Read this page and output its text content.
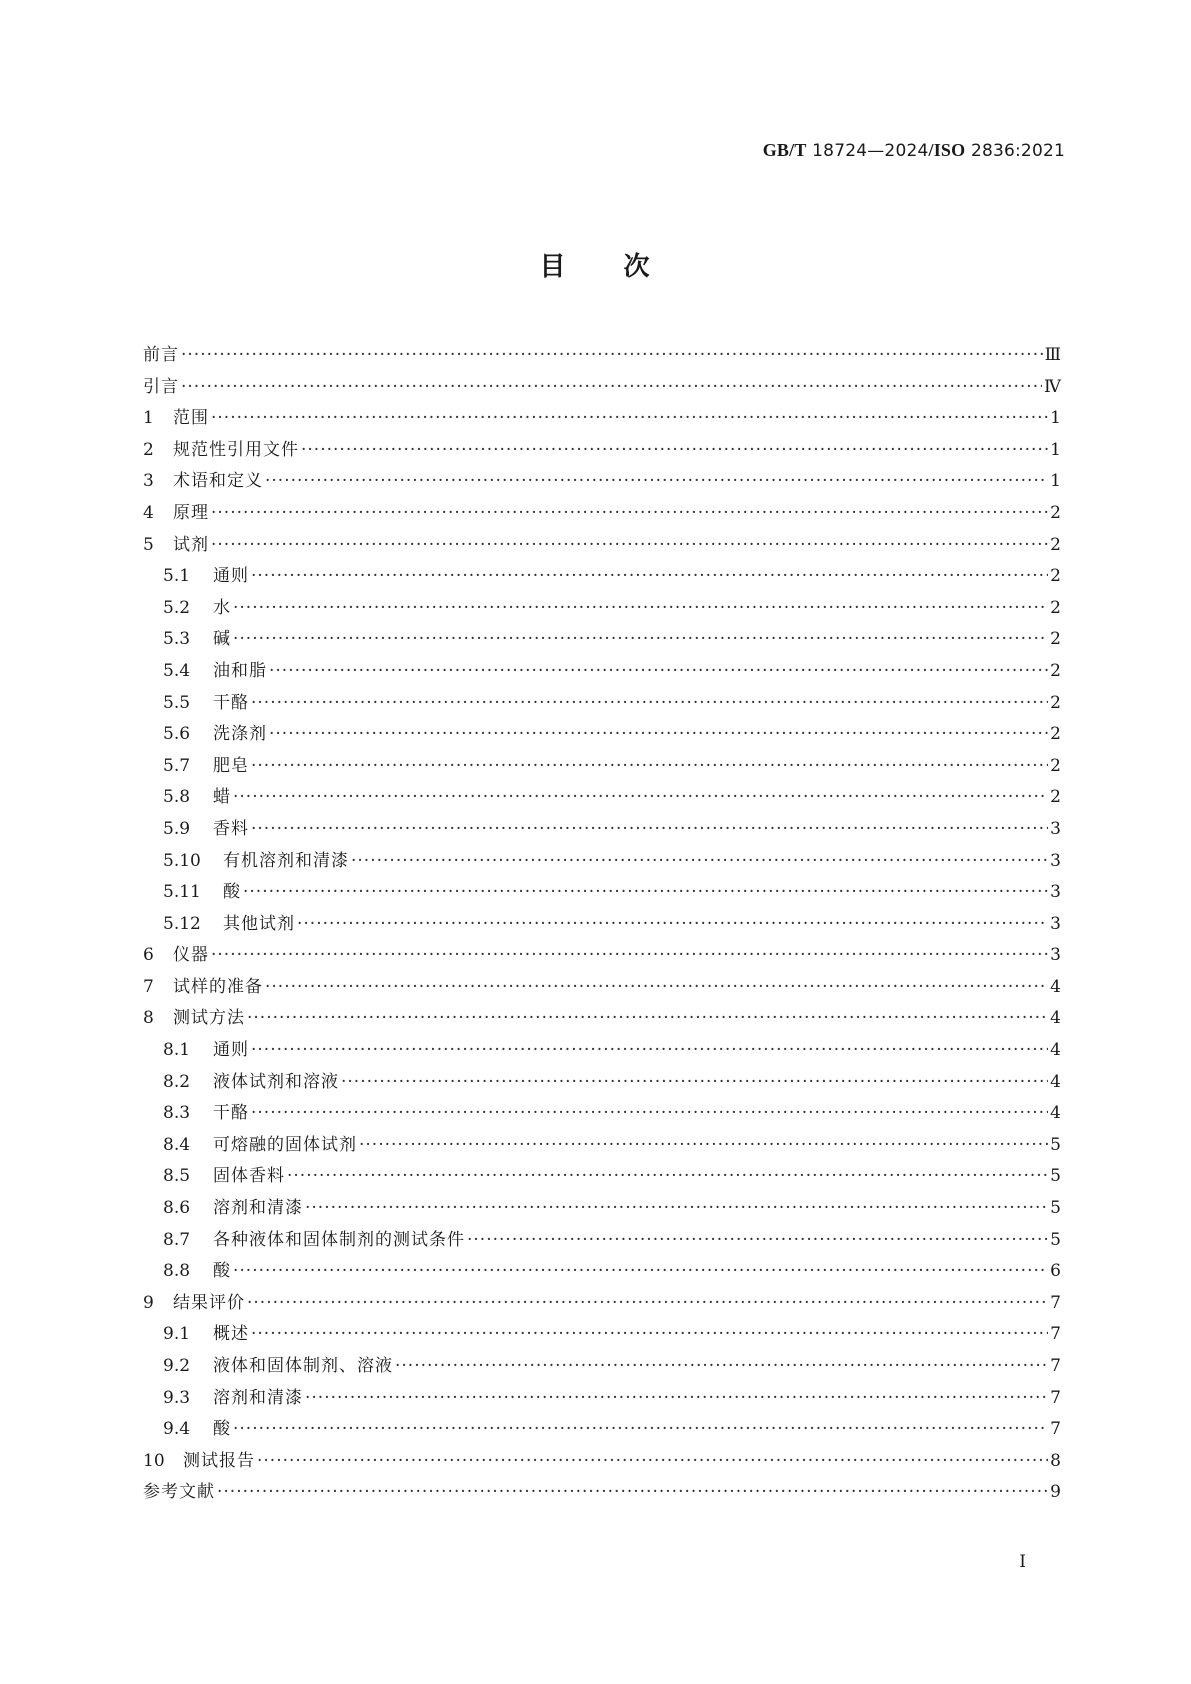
GB/T 18724—2024/ISO 2836:2021
目 次
前言 ·····	Ⅲ
引言 ·····	Ⅳ
1	范围 ·····	1
2	规范性引用文件 ·····	1
3	术语和定义 ·····	1
4	原理 ·····	2
5	试剂 ·····	2
5.1	通则 ·····	2
5.2	水 ·····	2
5.3	碱 ·····	2
5.4	油和脂 ·····	2
5.5	干酪 ·····	2
5.6	洗涤剂 ·····	2
5.7	肥皂 ·····	2
5.8	蜡 ·····	2
5.9	香料 ·····	3
5.10	有机溶剂和清漆 ·····	3
5.11	酸 ·····	3
5.12	其他试剂 ·····	3
6	仪器 ·····	3
7	试样的准备 ·····	4
8	测试方法 ·····	4
8.1	通则 ·····	4
8.2	液体试剂和溶液 ·····	4
8.3	干酪 ·····	4
8.4	可熔融的固体试剂 ·····	5
8.5	固体香料 ·····	5
8.6	溶剂和清漆 ·····	5
8.7	各种液体和固体制剂的测试条件 ·····	5
8.8	酸 ·····	6
9	结果评价 ·····	7
9.1	概述 ·····	7
9.2	液体和固体制剂、溶液 ·····	7
9.3	溶剂和清漆 ·····	7
9.4	酸 ·····	7
10	测试报告 ·····	8
参考文献 ·····	9
I
